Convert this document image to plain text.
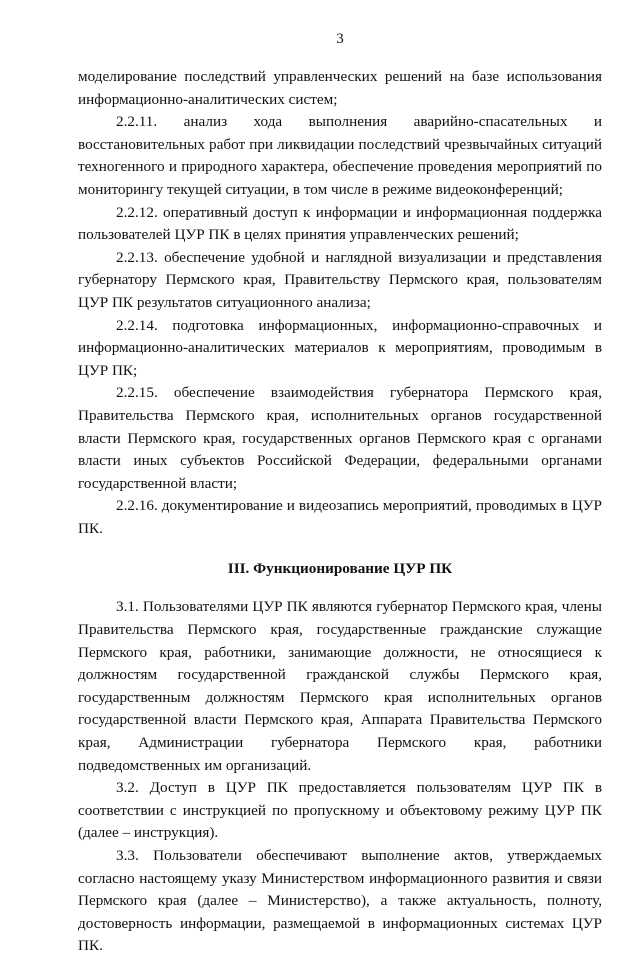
3

моделирование последствий управленческих решений на базе использования информационно-аналитических систем;

2.2.11. анализ хода выполнения аварийно-спасательных и восстановительных работ при ликвидации последствий чрезвычайных ситуаций техногенного и природного характера, обеспечение проведения мероприятий по мониторингу текущей ситуации, в том числе в режиме видеоконференций;

2.2.12. оперативный доступ к информации и информационная поддержка пользователей ЦУР ПК в целях принятия управленческих решений;

2.2.13. обеспечение удобной и наглядной визуализации и представления губернатору Пермского края, Правительству Пермского края, пользователям ЦУР ПК результатов ситуационного анализа;

2.2.14. подготовка информационных, информационно-справочных и информационно-аналитических материалов к мероприятиям, проводимым в ЦУР ПК;

2.2.15. обеспечение взаимодействия губернатора Пермского края, Правительства Пермского края, исполнительных органов государственной власти Пермского края, государственных органов Пермского края с органами власти иных субъектов Российской Федерации, федеральными органами государственной власти;

2.2.16. документирование и видеозапись мероприятий, проводимых в ЦУР ПК.

III. Функционирование ЦУР ПК

3.1. Пользователями ЦУР ПК являются губернатор Пермского края, члены Правительства Пермского края, государственные гражданские служащие Пермского края, работники, занимающие должности, не относящиеся к должностям государственной гражданской службы Пермского края, государственным должностям Пермского края исполнительных органов государственной власти Пермского края, Аппарата Правительства Пермского края, Администрации губернатора Пермского края, работники подведомственных им организаций.

3.2. Доступ в ЦУР ПК предоставляется пользователям ЦУР ПК в соответствии с инструкцией по пропускному и объектовому режиму ЦУР ПК (далее – инструкция).

3.3. Пользователи обеспечивают выполнение актов, утверждаемых согласно настоящему указу Министерством информационного развития и связи Пермского края (далее – Министерство), а также актуальность, полноту, достоверность информации, размещаемой в информационных системах ЦУР ПК.
